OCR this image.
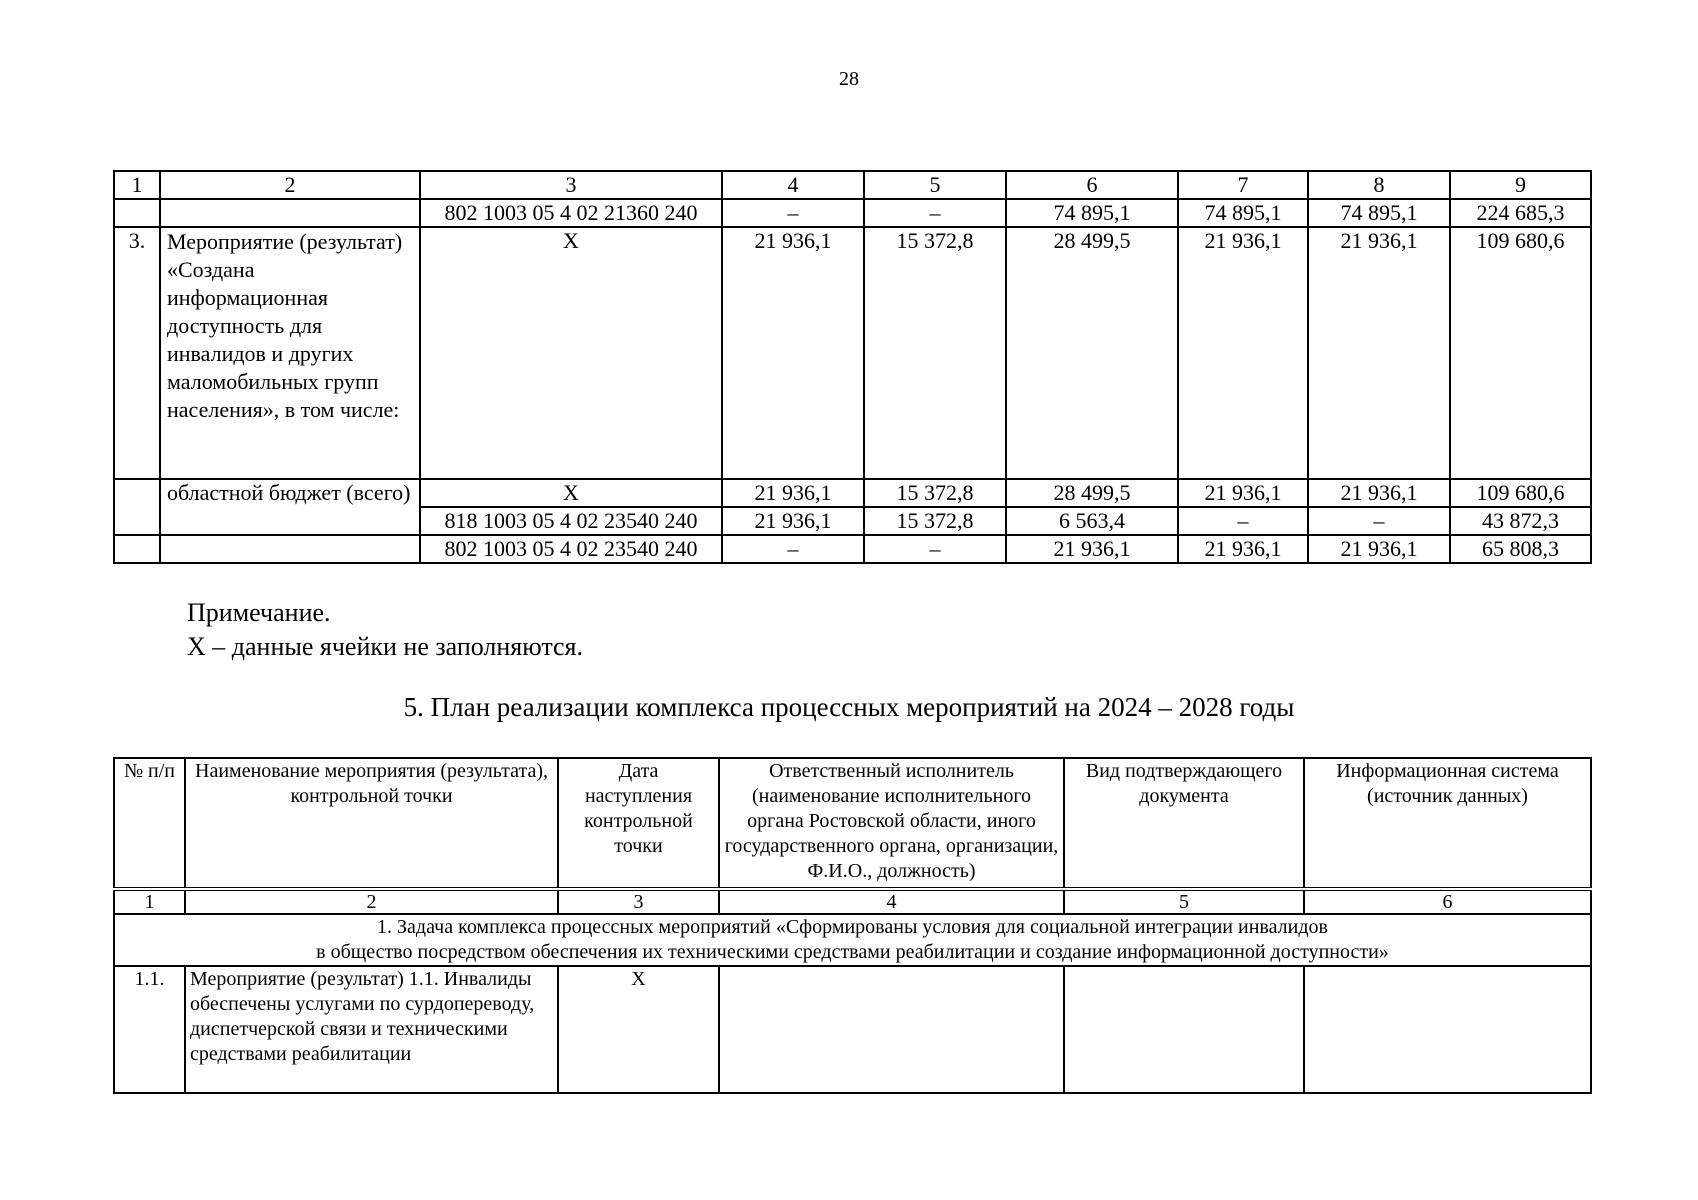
28
1	2	3	4	5	6	7	8	9
		802 1003 05 4 02 21360 240	–	–	74 895,1	74 895,1	74 895,1	224 685,3
3.	Мероприятие (результат) «Создана информационная доступность для инвалидов и других маломобильных групп населения», в том числе:	X	21 936,1	15 372,8	28 499,5	21 936,1	21 936,1	109 680,6
	областной бюджет (всего)	X	21 936,1	15 372,8	28 499,5	21 936,1	21 936,1	109 680,6
		818 1003 05 4 02 23540 240	21 936,1	15 372,8	6 563,4	–	–	43 872,3
		802 1003 05 4 02 23540 240	–	–	21 936,1	21 936,1	21 936,1	65 808,3
Примечание.
X – данные ячейки не заполняются.
5. План реализации комплекса процессных мероприятий на 2024 – 2028 годы
№ п/п	Наименование мероприятия (результата), контрольной точки	Дата наступления контрольной точки	Ответственный исполнитель (наименование исполнительного органа Ростовской области, иного государственного органа, организации, Ф.И.О., должность)	Вид подтверждающего документа	Информационная система (источник данных)
1	2	3	4	5	6

1. Задача комплекса процессных мероприятий «Сформированы условия для социальной интеграции инвалидов
в общество посредством обеспечения их техническими средствами реабилитации и создание информационной доступности»					

1.1.	Мероприятие (результат) 1.1. Инвалиды обеспечены услугами по сурдопереводу, диспетчерской связи и техническими средствами реабилитации	X			
